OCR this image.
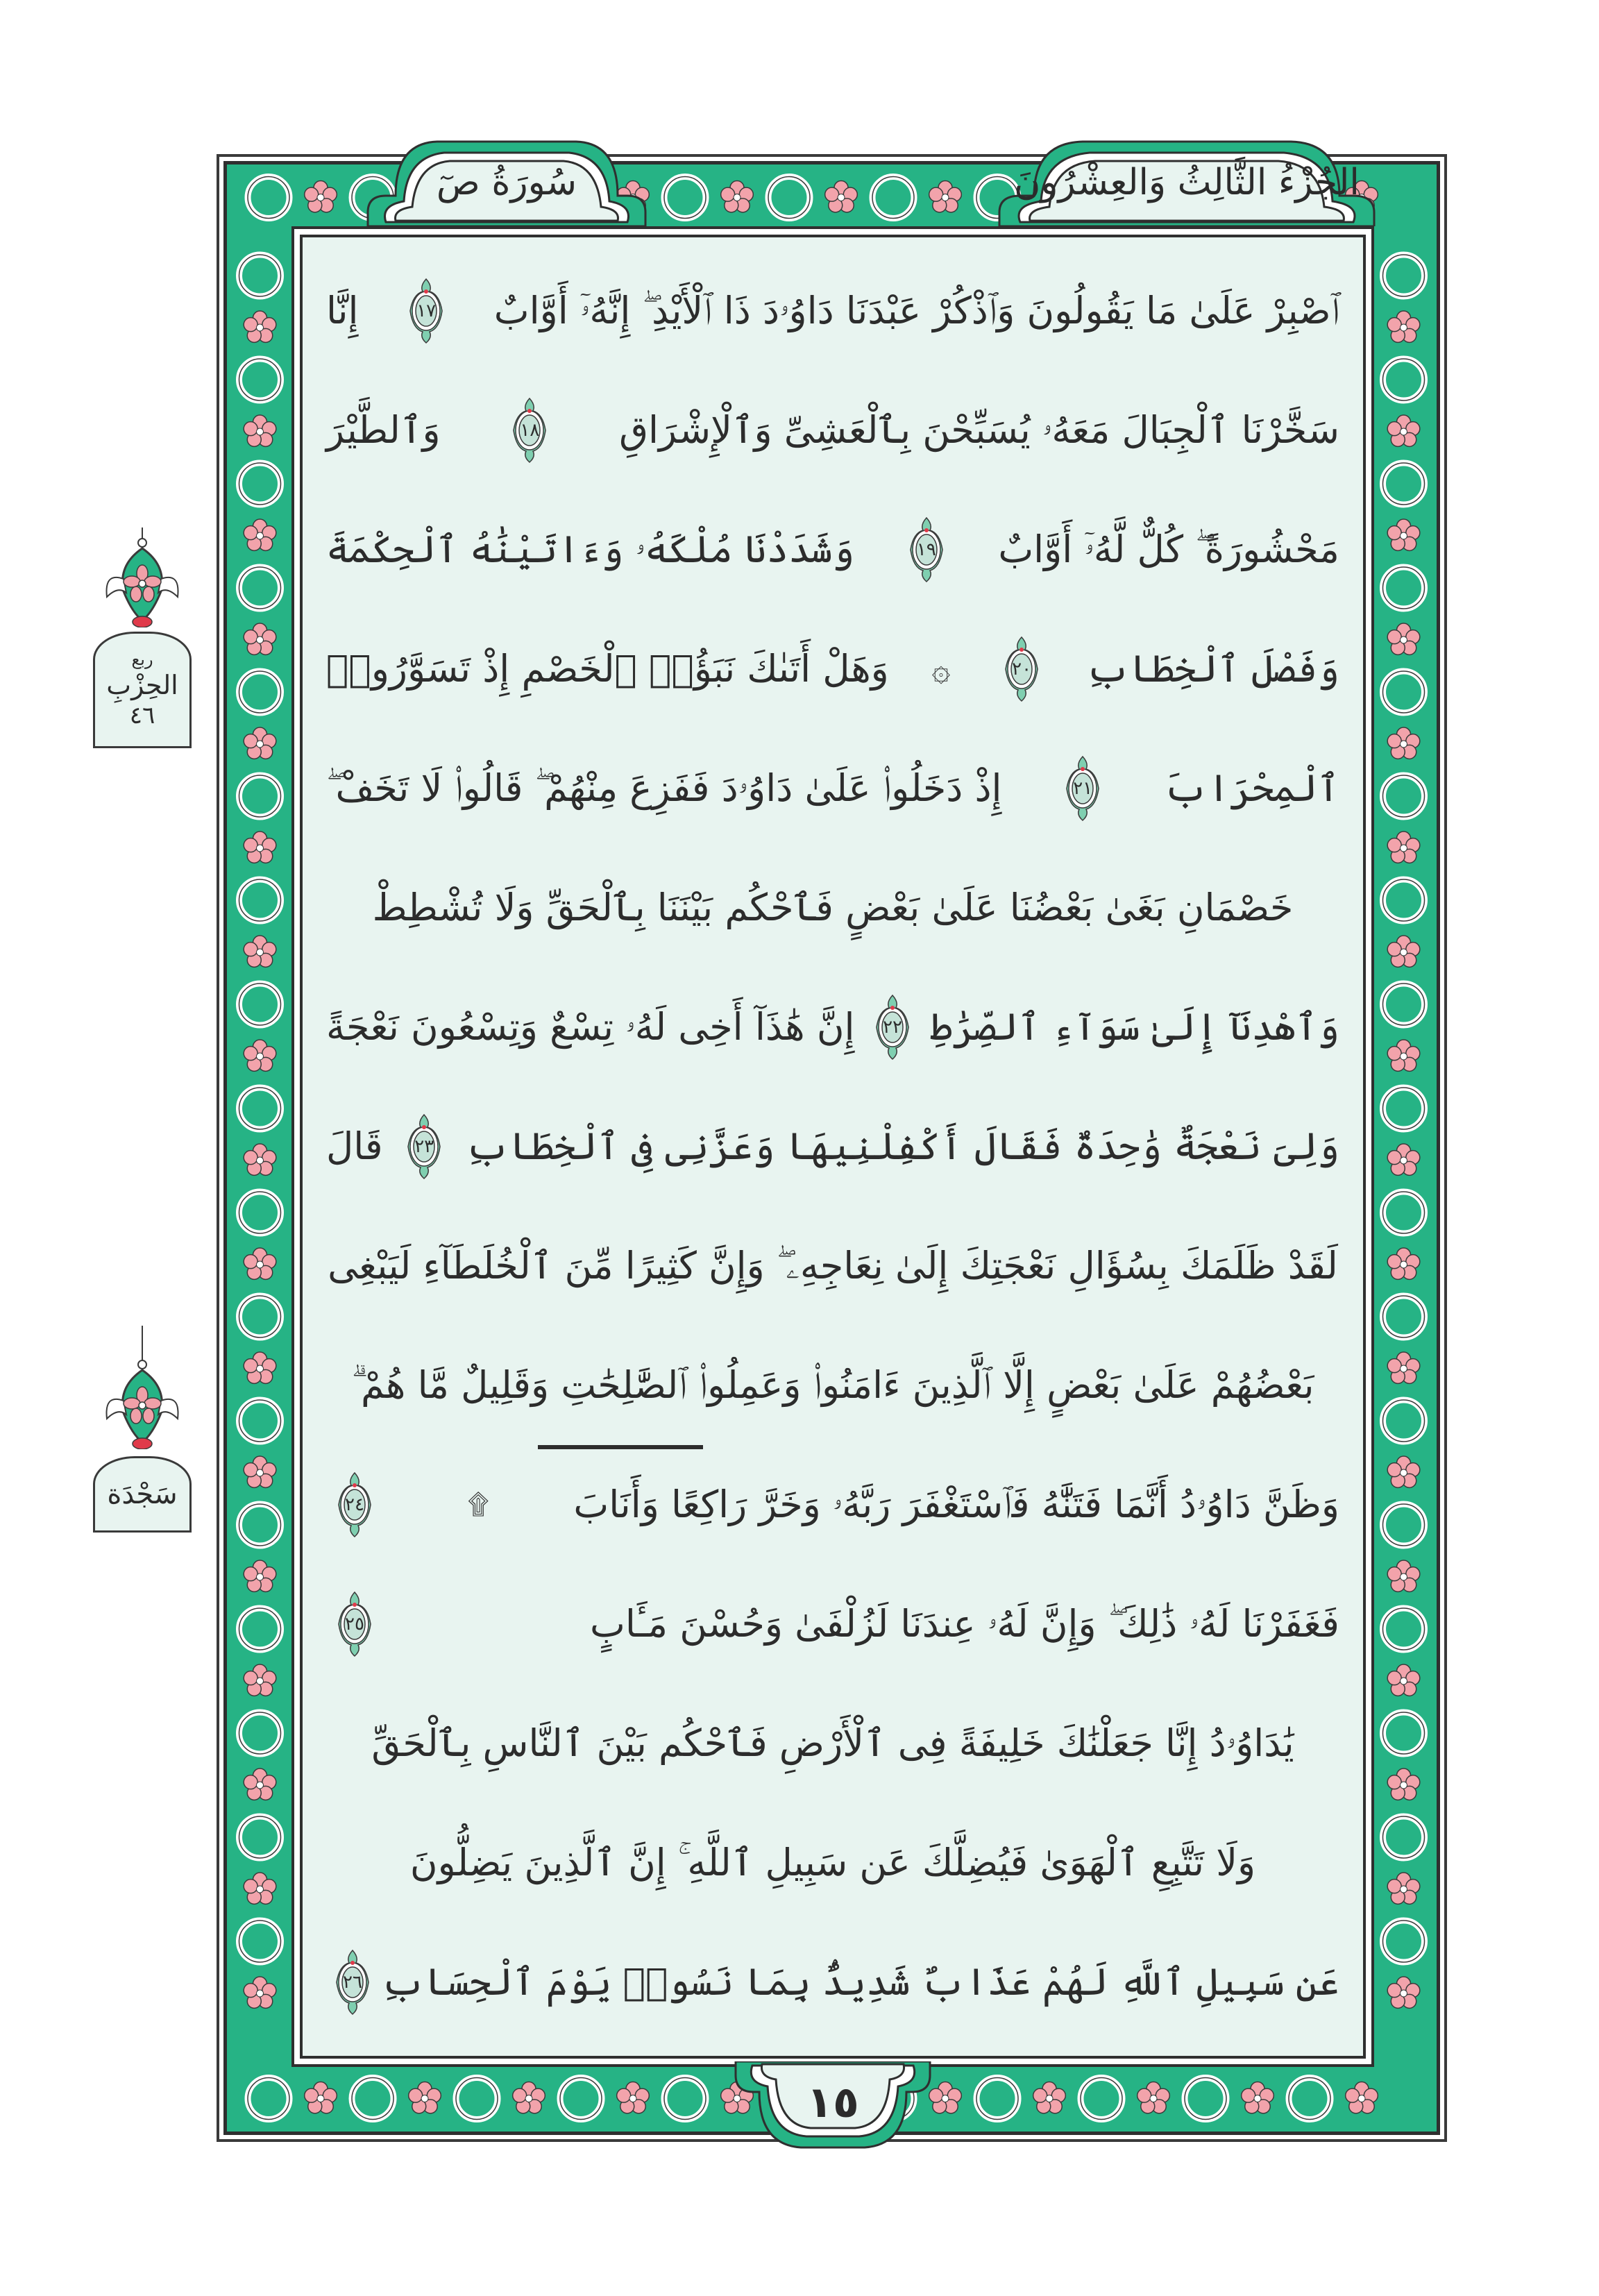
الجُزْءُ الثَّالِثُ وَالعِشْرُونَ
سُورَةُ صٓ
١٥
ربع
الحِزْبِ
٤٦
سَجْدَة
ٱصْبِرْ عَلَىٰ مَا يَقُولُونَ وَٱذْكُرْ عَبْدَنَا دَاوُۥدَ ذَا ٱلْأَيْدِ ۖ إِنَّهُۥٓ أَوَّابٌ
١٧
إِنَّا
سَخَّرْنَا ٱلْجِبَالَ مَعَهُۥ يُسَبِّحْنَ بِٱلْعَشِىِّ وَٱلْإِشْرَاقِ
١٨
وَٱلطَّيْرَ
مَحْشُورَةً ۖ كُلٌّ لَّهُۥٓ أَوَّابٌ
١٩
وَشَدَدْنَا مُلْكَهُۥ وَءَاتَيْنَٰهُ ٱلْحِكْمَةَ
وَفَصْلَ ٱلْخِطَابِ
٢٠
۞
وَهَلْ أَتَىٰكَ نَبَؤُا۟ ٱلْخَصْمِ إِذْ تَسَوَّرُوا۟
ٱلْمِحْرَابَ
٢١
إِذْ دَخَلُوا۟ عَلَىٰ دَاوُۥدَ فَفَزِعَ مِنْهُمْ ۖ قَالُوا۟ لَا تَخَفْ ۖ
خَصْمَانِ بَغَىٰ بَعْضُنَا عَلَىٰ بَعْضٍ فَٱحْكُم بَيْنَنَا بِٱلْحَقِّ وَلَا تُشْطِطْ
وَٱهْدِنَآ إِلَىٰ سَوَآءِ ٱلصِّرَٰطِ
٢٢
إِنَّ هَٰذَآ أَخِى لَهُۥ تِسْعٌ وَتِسْعُونَ نَعْجَةً
وَلِىَ نَعْجَةٌ وَٰحِدَةٌ فَقَالَ أَكْفِلْنِيهَا وَعَزَّنِى فِى ٱلْخِطَابِ
٢٣
قَالَ
لَقَدْ ظَلَمَكَ بِسُؤَالِ نَعْجَتِكَ إِلَىٰ نِعَاجِهِۦ ۖ وَإِنَّ كَثِيرًا مِّنَ ٱلْخُلَطَآءِ لَيَبْغِى
بَعْضُهُمْ عَلَىٰ بَعْضٍ إِلَّا ٱلَّذِينَ ءَامَنُوا۟ وَعَمِلُوا۟ ٱلصَّٰلِحَٰتِ وَقَلِيلٌ مَّا هُمْ ۗ
وَظَنَّ دَاوُۥدُ أَنَّمَا فَتَنَّٰهُ فَٱسْتَغْفَرَ رَبَّهُۥ وَخَرَّ رَاكِعًا وَأَنَابَ
۩
٢٤
فَغَفَرْنَا لَهُۥ ذَٰلِكَ ۖ وَإِنَّ لَهُۥ عِندَنَا لَزُلْفَىٰ وَحُسْنَ مَـَٔابٍ
٢٥
يَٰدَاوُۥدُ إِنَّا جَعَلْنَٰكَ خَلِيفَةً فِى ٱلْأَرْضِ فَٱحْكُم بَيْنَ ٱلنَّاسِ بِٱلْحَقِّ
وَلَا تَتَّبِعِ ٱلْهَوَىٰ فَيُضِلَّكَ عَن سَبِيلِ ٱللَّهِ ۚ إِنَّ ٱلَّذِينَ يَضِلُّونَ
عَن سَبِيلِ ٱللَّهِ لَهُمْ عَذَابٌ شَدِيدٌۢ بِمَا نَسُوا۟ يَوْمَ ٱلْحِسَابِ
٢٦
